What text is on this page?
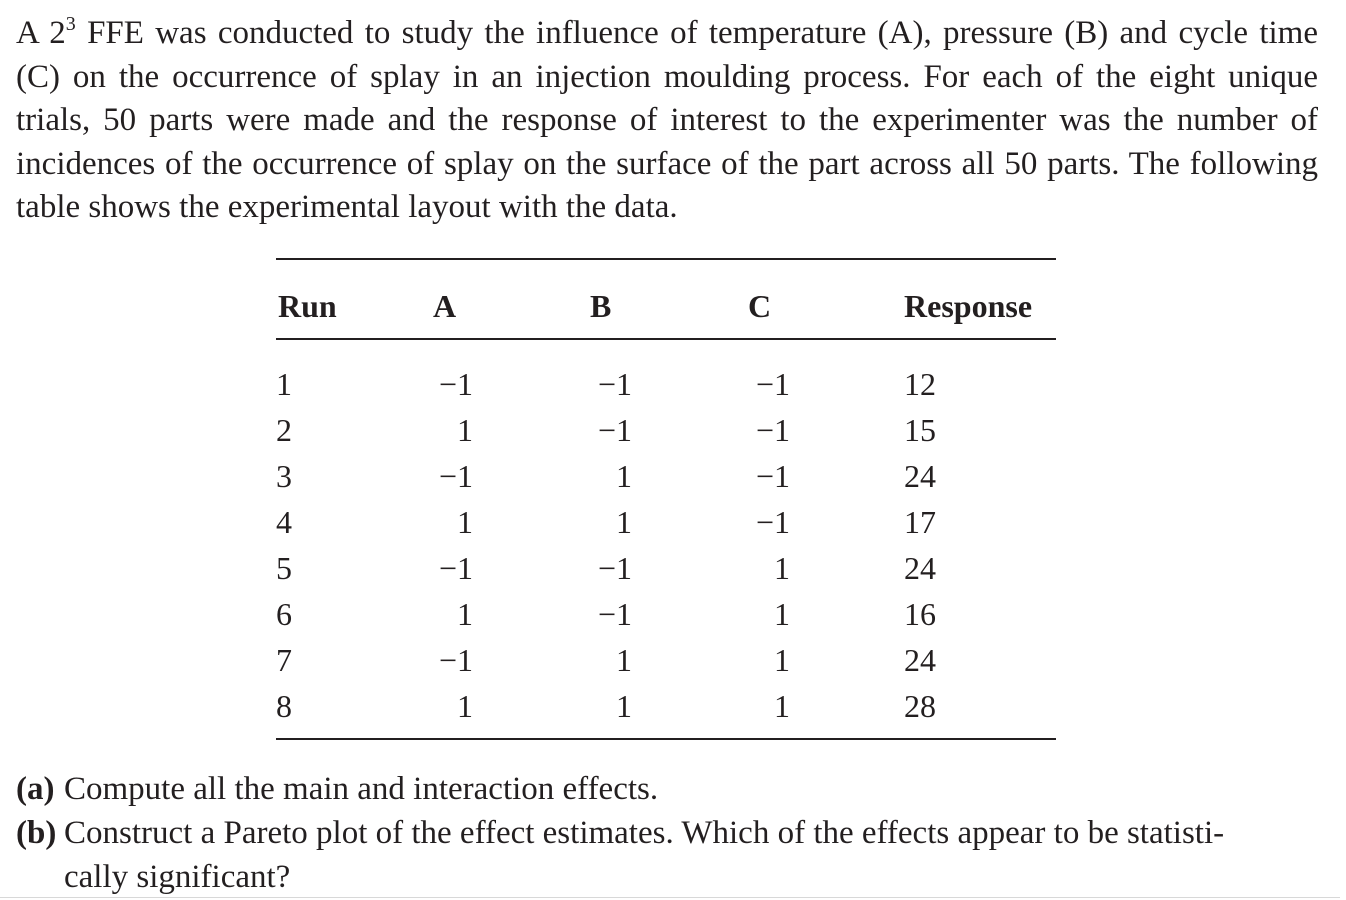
A $2^3$ FFE was conducted to study the influence of temperature (A), pressure (B) and cycle time (C) on the occurrence of splay in an injection moulding process. For each of the eight unique trials, 50 parts were made and the response of interest to the experimenter was the number of incidences of the occurrence of splay on the surface of the part across all 50 parts. The following table shows the experimental layout with the data.

Run	A	B	C	Response
1	−1	−1	−1	12
2	1	−1	−1	15
3	−1	1	−1	24
4	1	1	−1	17
5	−1	−1	1	24
6	1	−1	1	16
7	−1	1	1	24
8	1	1	1	28
(a) Compute all the main and interaction effects.
(b) Construct a Pareto plot of the effect estimates. Which of the effects appear to be statisti-
cally significant?
